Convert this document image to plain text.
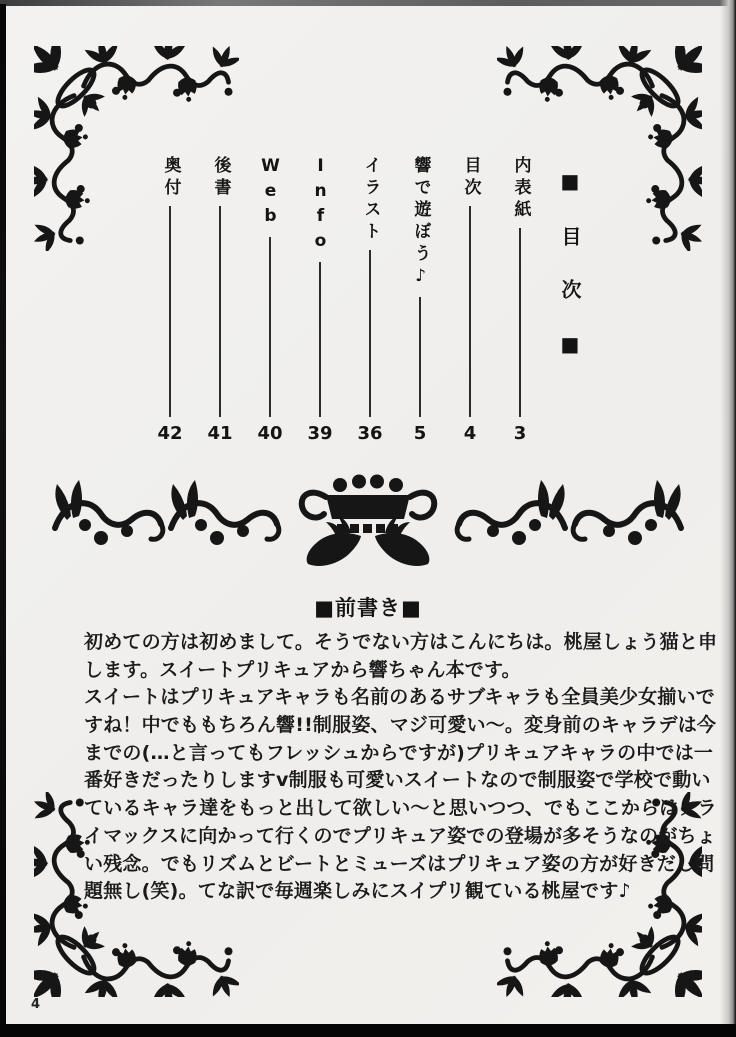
■目次■
内表紙
3
目次
4
響で遊ぼう♪
5
イラスト
36
Info
39
Web
40
後書
41
奥付
42
■前書き■
初めての方は初めまして。そうでない方はこんにちは。桃屋しょう猫と申
します。スイートプリキュアから響ちゃん本です。
スイートはプリキュアキャラも名前のあるサブキャラも全員美少女揃いで
すね！中でももちろん響!!制服姿、マジ可愛い～。変身前のキャラデは今
までの(…と言ってもフレッシュからですが)プリキュアキャラの中では一
番好きだったりしますv制服も可愛いスイートなので制服姿で学校で動い
ているキャラ達をもっと出して欲しい～と思いつつ、でもここからはクラ
イマックスに向かって行くのでプリキュア姿での登場が多そうなのがちょ
い残念。でもリズムとビートとミューズはプリキュア姿の方が好きだし問
題無し(笑)。てな訳で毎週楽しみにスイプリ観ている桃屋です♪
4
